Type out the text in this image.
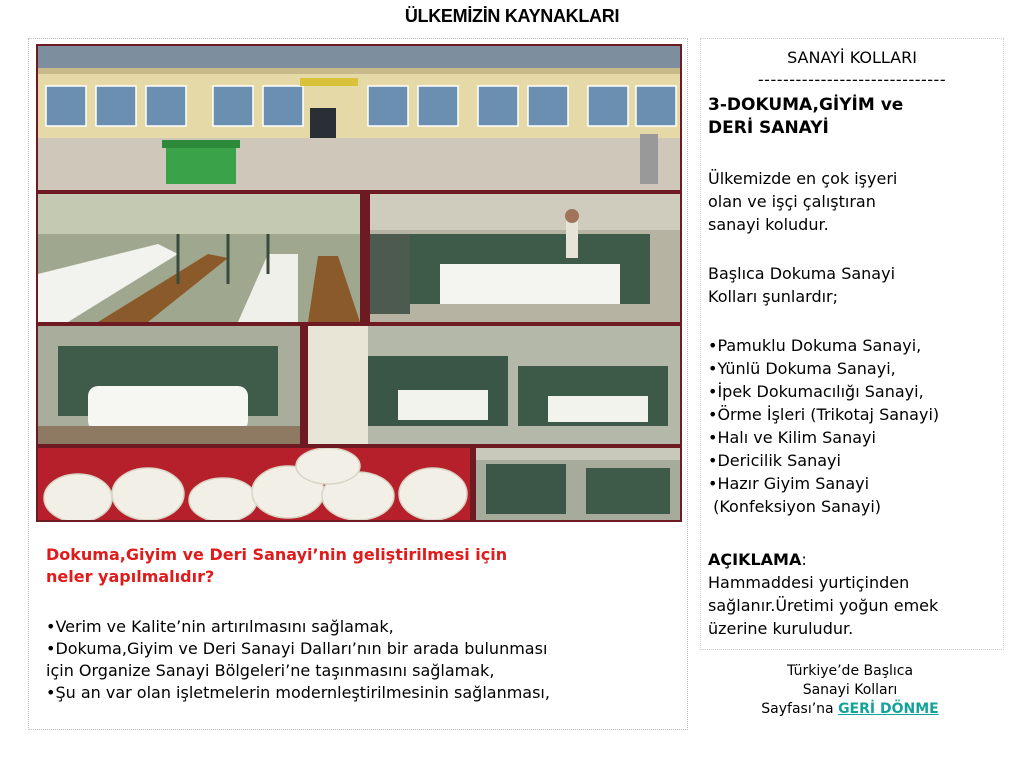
ÜLKEMİZİN KAYNAKLARI
Dokuma,Giyim ve Deri Sanayi’nin geliştirilmesi için
neler yapılmalıdır?
•Verim ve Kalite’nin artırılmasını sağlamak,
•Dokuma,Giyim ve Deri Sanayi Dalları’nın bir arada bulunması
için Organize Sanayi Bölgeleri’ne taşınmasını sağlamak,
•Şu an var olan işletmelerin modernleştirilmesinin sağlanması,
SANAYİ KOLLARI
------------------------------
3-DOKUMA,GİYİM ve
DERİ SANAYİ
Ülkemizde en çok işyeri
olan ve işçi çalıştıran
sanayi koludur.
Başlıca Dokuma Sanayi
Kolları şunlardır;
•Pamuklu Dokuma Sanayi,
•Yünlü Dokuma Sanayi,
•İpek Dokumacılığı Sanayi,
•Örme İşleri (Trikotaj Sanayi)
•Halı ve Kilim Sanayi
•Dericilik Sanayi
•Hazır Giyim Sanayi
(Konfeksiyon Sanayi)
AÇIKLAMA:
Hammaddesi yurtiçinden
sağlanır.Üretimi yoğun emek
üzerine kuruludur.
Türkiye’de Başlıca
Sanayi Kolları
Sayfası’na GERİ DÖNME
